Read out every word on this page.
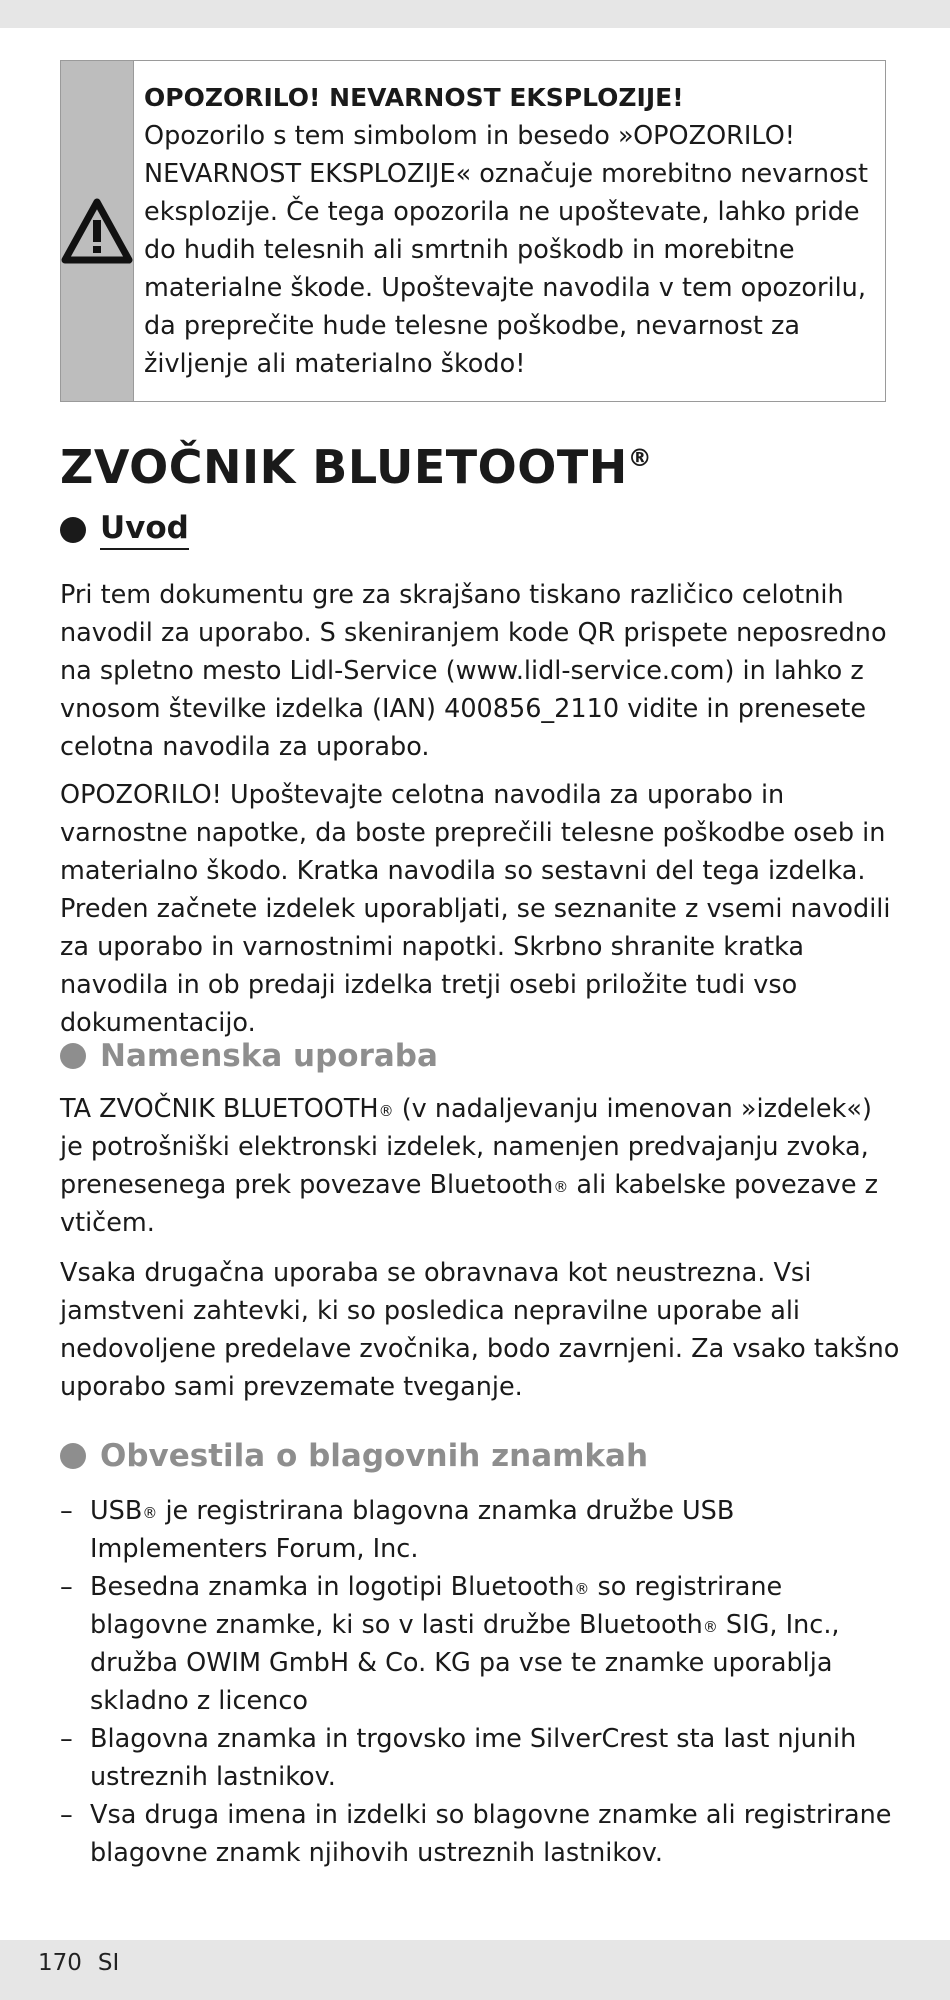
OPOZORILO! NEVARNOST EKSPLOZIJE!
Opozorilo s tem simbolom in besedo »OPOZORILO! NEVARNOST EKSPLOZIJE« označuje morebitno nevarnost eksplozije. Če tega opozorila ne upoštevate, lahko pride do hudih telesnih ali smrtnih poškodb in morebitne materialne škode. Upoštevajte navodila v tem opozorilu, da preprečite hude telesne poškodbe, nevarnost za življenje ali materialno škodo!
ZVOČNIK BLUETOOTH®
Uvod

Pri tem dokumentu gre za skrajšano tiskano različico celotnih navodil za uporabo. S skeniranjem kode QR prispete neposredno na spletno mesto Lidl-Service (www.lidl-service.com) in lahko z vnosom številke izdelka (IAN) 400856_2110 vidite in prenesete celotna navodila za uporabo.

OPOZORILO! Upoštevajte celotna navodila za uporabo in varnostne napotke, da boste preprečili telesne poškodbe oseb in materialno škodo. Kratka navodila so sestavni del tega izdelka. Preden začnete izdelek uporabljati, se seznanite z vsemi navodili za uporabo in varnostnimi napotki. Skrbno shranite kratka navodila in ob predaji izdelka tretji osebi priložite tudi vso dokumentacijo.

Namenska uporaba

TA ZVOČNIK BLUETOOTH® (v nadaljevanju imenovan »izdelek«) je potrošniški elektronski izdelek, namenjen predvajanju zvoka, prenesenega prek povezave Bluetooth® ali kabelske povezave z vtičem.

Vsaka drugačna uporaba se obravnava kot neustrezna. Vsi jamstveni zahtevki, ki so posledica nepravilne uporabe ali nedovoljene predelave zvočnika, bodo zavrnjeni. Za vsako takšno uporabo sami prevzemate tveganje.

Obvestila o blagovnih znamkah
– USB® je registrirana blagovna znamka družbe USB Implementers Forum, Inc.
– Besedna znamka in logotipi Bluetooth® so registrirane blagovne znamke, ki so v lasti družbe Bluetooth® SIG, Inc., družba OWIM GmbH & Co. KG pa vse te znamke uporablja skladno z licenco
– Blagovna znamka in trgovsko ime SilverCrest sta last njunih ustreznih lastnikov.
– Vsa druga imena in izdelki so blagovne znamke ali registrirane blagovne znamk njihovih ustreznih lastnikov.
170 SI
